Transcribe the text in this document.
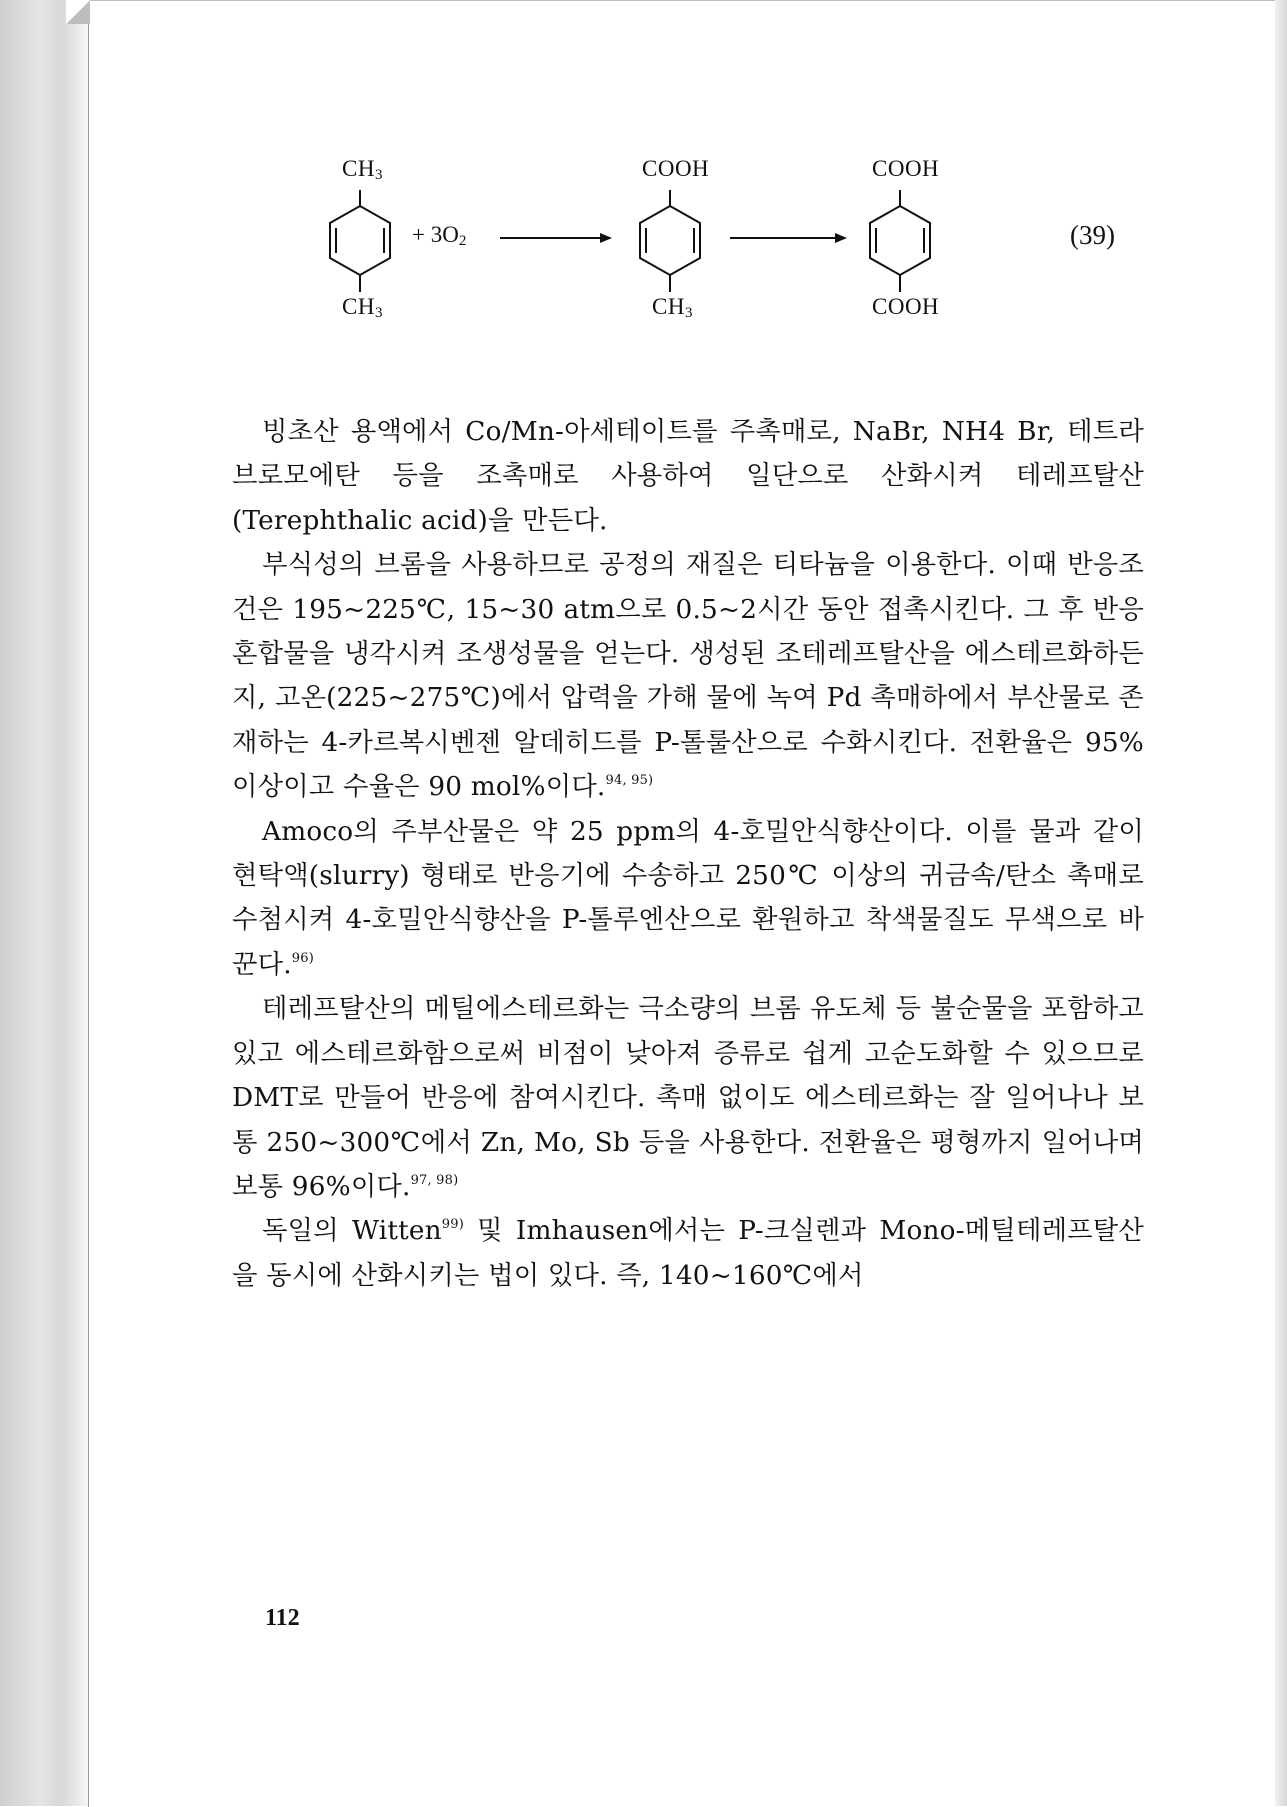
$CH_3$
$CH_3$
+ $3O_2$
COOH
$CH_3$
COOH
COOH
(39)

빙초산 용액에서 Co/Mn-아세테이트를 주촉매로, NaBr, NH4 Br, 테트라브로모에탄 등을 조촉매로 사용하여 일단으로 산화시켜 테레프탈산(Terephthalic acid)을 만든다.

부식성의 브롬을 사용하므로 공정의 재질은 티타늄을 이용한다. 이때 반응조건은 195~225℃, 15~30 atm으로 0.5~2시간 동안 접촉시킨다. 그 후 반응 혼합물을 냉각시켜 조생성물을 얻는다. 생성된 조테레프탈산을 에스테르화하든지, 고온(225~275℃)에서 압력을 가해 물에 녹여 Pd 촉매하에서 부산물로 존재하는 4-카르복시벤젠 알데히드를 P-톨룰산으로 수화시킨다. 전환율은 95% 이상이고 수율은 90 mol%이다.$^{94, 95)}$

Amoco의 주부산물은 약 25 ppm의 4-호밀안식향산이다. 이를 물과 같이 현탁액(slurry) 형태로 반응기에 수송하고 250℃ 이상의 귀금속/탄소 촉매로 수첨시켜 4-호밀안식향산을 P-톨루엔산으로 환원하고 착색물질도 무색으로 바꾼다.$^{96)}$

테레프탈산의 메틸에스테르화는 극소량의 브롬 유도체 등 불순물을 포함하고 있고 에스테르화함으로써 비점이 낮아져 증류로 쉽게 고순도화할 수 있으므로 DMT로 만들어 반응에 참여시킨다. 촉매 없이도 에스테르화는 잘 일어나나 보통 250~300℃에서 Zn, Mo, Sb 등을 사용한다. 전환율은 평형까지 일어나며 보통 96%이다.$^{97, 98)}$

독일의 Witten$^{99)}$ 및 Imhausen에서는 P-크실렌과 Mono-메틸테레프탈산을 동시에 산화시키는 법이 있다. 즉, 140~160℃에서

112
